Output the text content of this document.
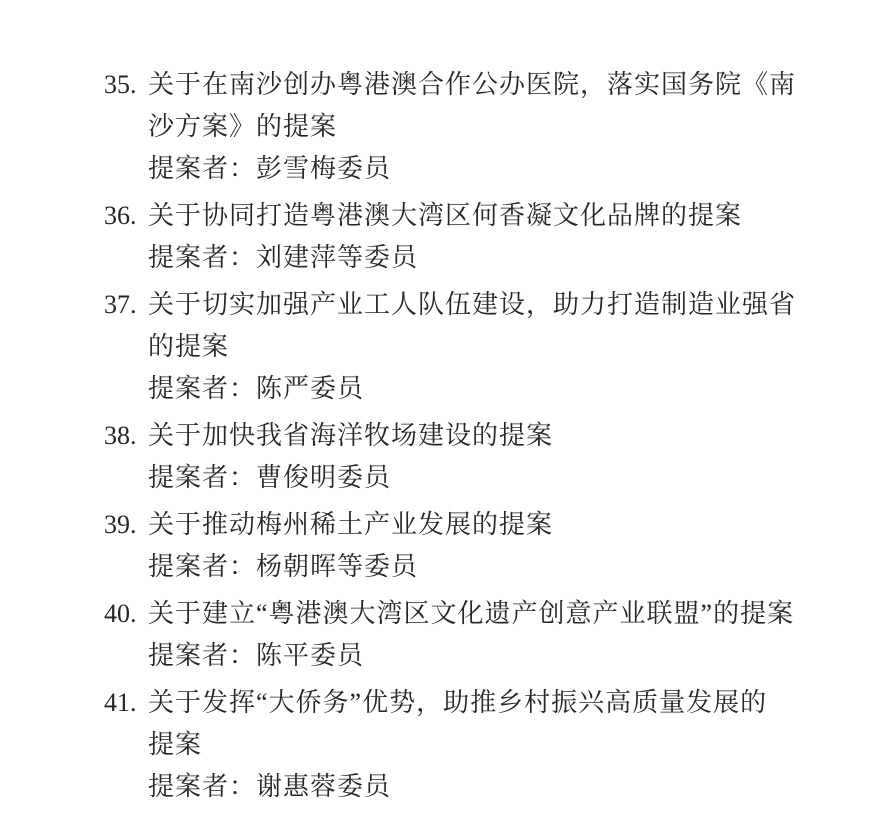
35. 关于在南沙创办粤港澳合作公办医院，落实国务院《南
沙方案》的提案
提案者：彭雪梅委员
36. 关于协同打造粤港澳大湾区何香凝文化品牌的提案
提案者：刘建萍等委员
37. 关于切实加强产业工人队伍建设，助力打造制造业强省
的提案
提案者：陈严委员
38. 关于加快我省海洋牧场建设的提案
提案者：曹俊明委员
39. 关于推动梅州稀土产业发展的提案
提案者：杨朝晖等委员
40. 关于建立“粤港澳大湾区文化遗产创意产业联盟”的提案
提案者：陈平委员
41. 关于发挥“大侨务”优势，助推乡村振兴高质量发展的
提案
提案者：谢惠蓉委员
